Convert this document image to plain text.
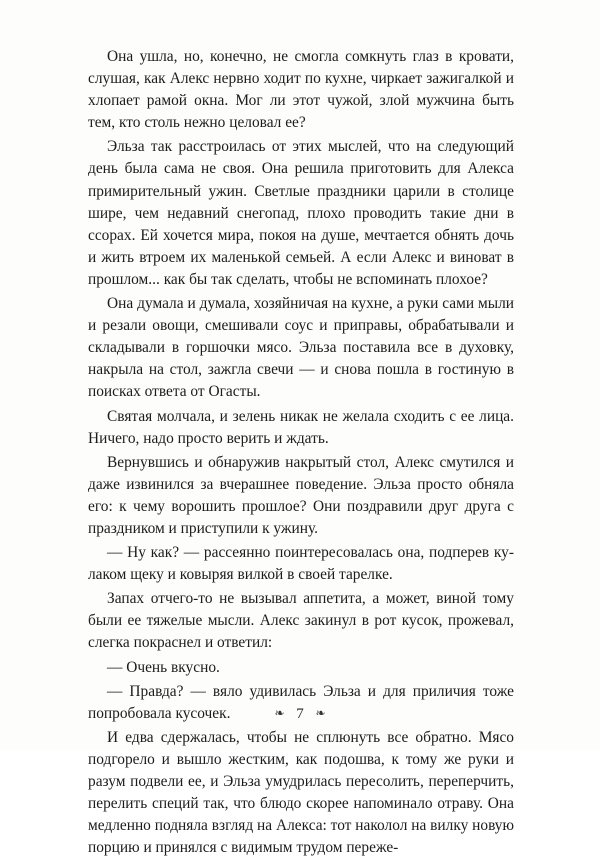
Она ушла, но, конечно, не смогла сомкнуть глаз в кровати, слушая, как Алекс нервно ходит по кухне, чиркает зажигалкой и хлопает рамой окна. Мог ли этот чужой, злой мужчина быть тем, кто столь нежно целовал ее?

Эльза так расстроилась от этих мыслей, что на следующий день была сама не своя. Она решила приготовить для Алекса примирительный ужин. Светлые праздники царили в столице шире, чем недавний снегопад, плохо проводить такие дни в ссорах. Ей хочется мира, покоя на душе, мечтается обнять дочь и жить втроем их маленькой семьей. А если Алекс и виноват в прошлом... как бы так сделать, чтобы не вспоминать плохое?

Она думала и думала, хозяйничая на кухне, а руки сами мыли и резали овощи, смешивали соус и приправы, обрабатывали и складывали в горшочки мясо. Эльза поставила все в духовку, накрыла на стол, зажгла свечи — и снова пошла в гостиную в поисках ответа от Огасты.

Святая молчала, и зелень никак не желала сходить с ее лица. Ничего, надо просто верить и ждать.

Вернувшись и обнаружив накрытый стол, Алекс смутился и даже извинился за вчерашнее поведение. Эльза просто обняла его: к чему ворошить прошлое? Они поздравили друг друга с праздником и приступили к ужину.

— Ну как? — рассеянно поинтересовалась она, подперев кулаком щеку и ковыряя вилкой в своей тарелке.

Запах отчего-то не вызывал аппетита, а может, виной тому были ее тяжелые мысли. Алекс закинул в рот кусок, прожевал, слегка покраснел и ответил:

— Очень вкусно.

— Правда? — вяло удивилась Эльза и для приличия тоже попробовала кусочек.

И едва сдержалась, чтобы не сплюнуть все обратно. Мясо подгорело и вышло жестким, как подошва, к тому же руки и разум подвели ее, и Эльза умудрилась пересолить, переперчить, перелить специй так, что блюдо скорее напоминало отраву. Она медленно подняла взгляд на Алекса: тот наколол на вилку новую порцию и принялся с видимым трудом переже-

❧ 7 ❧
